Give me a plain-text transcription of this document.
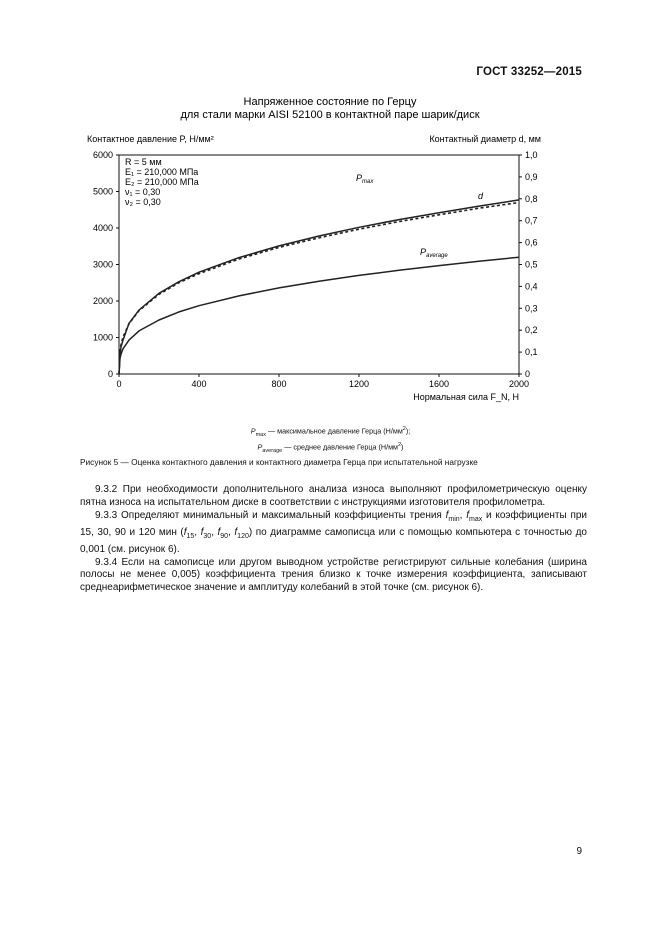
ГОСТ 33252—2015
Напряженное состояние по Герцу
для стали марки AISI 52100 в контактной паре шарик/диск
Контактное давление P, Н/мм²	Контактный диаметр d, мм
Нормальная сила F_N, Н
0	400	800	1200	1600	2000
0
1000
2000
3000
4000
5000
6000
0
0,1
0,2
0,3
0,4
0,5
0,6
0,7
0,8
0,9
1,0
R = 5 мм
E₁ = 210,000 МПа
E₂ = 210,000 МПа
ν₁ = 0,30
ν₂ = 0,30
$P_{max}$
d
$P_{average}$
$P_{max}$ — максимальное давление Герца $(Н/мм^2)$;
$P_{average}$ — среднее давление Герца $(Н/мм^2)$
Рисунок 5 — Оценка контактного давления и контактного диаметра Герца при испытательной нагрузке

9.3.2 При необходимости дополнительного анализа износа выполняют профилометрическую оценку пятна износа на испытательном диске в соответствии с инструкциями изготовителя профилометра.

9.3.3 Определяют минимальный и максимальный коэффициенты трения $f_{min}$, $f_{max}$ и коэффициенты при 15, 30, 90 и 120 мин ($f_{15}$, $f_{30}$, $f_{90}$, $f_{120}$) по диаграмме самописца или с помощью компьютера с точностью до 0,001 (см. рисунок 6).

9.3.4 Если на самописце или другом выводном устройстве регистрируют сильные колебания (ширина полосы не менее 0,005) коэффициента трения близко к точке измерения коэффициента, записывают среднеарифметическое значение и амплитуду колебаний в этой точке (см. рисунок 6).

9
